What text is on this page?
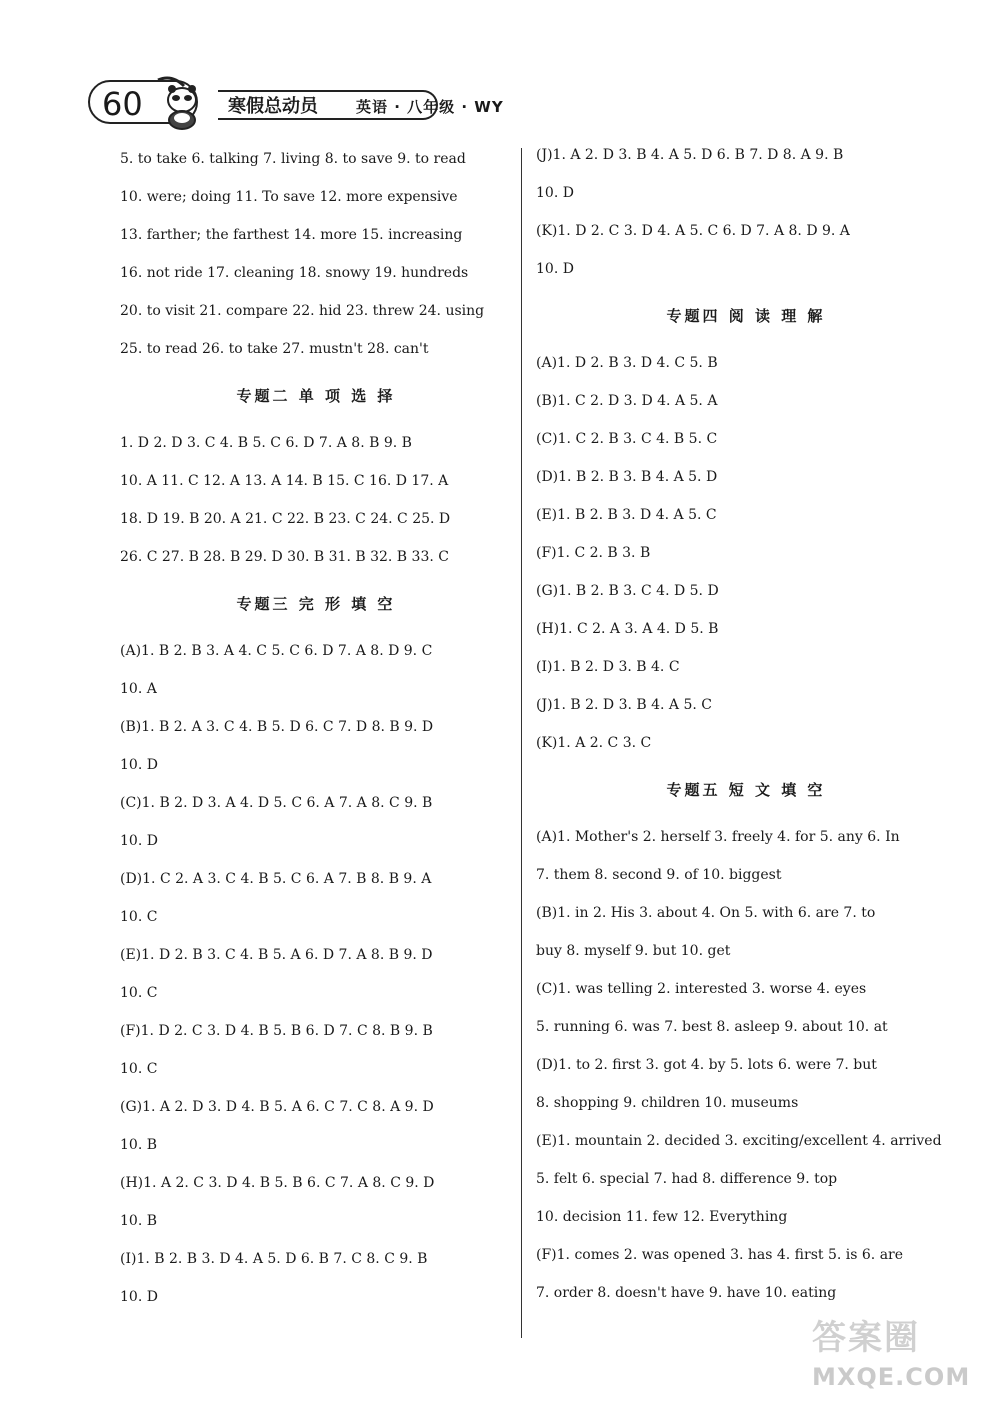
60	寒假总动员	英语 · 八年级 · WY
5. to take 6. talking 7. living 8. to save 9. to read
10. were; doing 11. To save 12. more expensive
13. farther; the farthest 14. more 15. increasing
16. not ride 17. cleaning 18. snowy 19. hundreds
20. to visit 21. compare 22. hid 23. threw 24. using
25. to read 26. to take 27. mustn't 28. can't
专题二 单 项 选 择
1. D 2. D 3. C 4. B 5. C 6. D 7. A 8. B 9. B
10. A 11. C 12. A 13. A 14. B 15. C 16. D 17. A
18. D 19. B 20. A 21. C 22. B 23. C 24. C 25. D
26. C 27. B 28. B 29. D 30. B 31. B 32. B 33. C
专题三 完 形 填 空
(A)1. B 2. B 3. A 4. C 5. C 6. D 7. A 8. D 9. C
10. A
(B)1. B 2. A 3. C 4. B 5. D 6. C 7. D 8. B 9. D
10. D
(C)1. B 2. D 3. A 4. D 5. C 6. A 7. A 8. C 9. B
10. D
(D)1. C 2. A 3. C 4. B 5. C 6. A 7. B 8. B 9. A
10. C
(E)1. D 2. B 3. C 4. B 5. A 6. D 7. A 8. B 9. D
10. C
(F)1. D 2. C 3. D 4. B 5. B 6. D 7. C 8. B 9. B
10. C
(G)1. A 2. D 3. D 4. B 5. A 6. C 7. C 8. A 9. D
10. B
(H)1. A 2. C 3. D 4. B 5. B 6. C 7. A 8. C 9. D
10. B
(I)1. B 2. B 3. D 4. A 5. D 6. B 7. C 8. C 9. B
10. D
(J)1. A 2. D 3. B 4. A 5. D 6. B 7. D 8. A 9. B
10. D
(K)1. D 2. C 3. D 4. A 5. C 6. D 7. A 8. D 9. A
10. D
专题四 阅 读 理 解
(A)1. D 2. B 3. D 4. C 5. B
(B)1. C 2. D 3. D 4. A 5. A
(C)1. C 2. B 3. C 4. B 5. C
(D)1. B 2. B 3. B 4. A 5. D
(E)1. B 2. B 3. D 4. A 5. C
(F)1. C 2. B 3. B
(G)1. B 2. B 3. C 4. D 5. D
(H)1. C 2. A 3. A 4. D 5. B
(I)1. B 2. D 3. B 4. C
(J)1. B 2. D 3. B 4. A 5. C
(K)1. A 2. C 3. C
专题五 短 文 填 空
(A)1. Mother's 2. herself 3. freely 4. for 5. any 6. In
7. them 8. second 9. of 10. biggest
(B)1. in 2. His 3. about 4. On 5. with 6. are 7. to
buy 8. myself 9. but 10. get
(C)1. was telling 2. interested 3. worse 4. eyes
5. running 6. was 7. best 8. asleep 9. about 10. at
(D)1. to 2. first 3. got 4. by 5. lots 6. were 7. but
8. shopping 9. children 10. museums
(E)1. mountain 2. decided 3. exciting/excellent 4. arrived
5. felt 6. special 7. had 8. difference 9. top
10. decision 11. few 12. Everything
(F)1. comes 2. was opened 3. has 4. first 5. is 6. are
7. order 8. doesn't have 9. have 10. eating
答案圈
MXQE.COM
